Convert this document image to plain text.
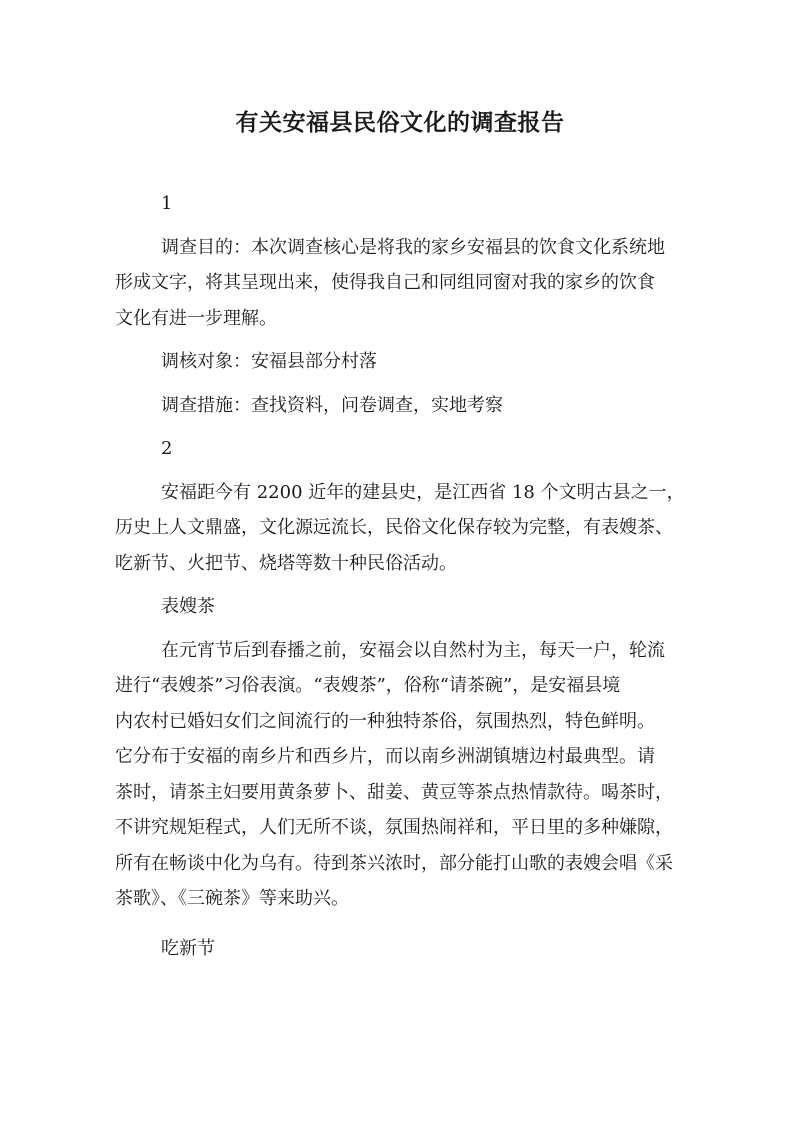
有关安福县民俗文化的调查报告
1
调查目的：本次调查核心是将我的家乡安福县的饮食文化系统地
形成文字，将其呈现出来，使得我自己和同组同窗对我的家乡的饮食
文化有进一步理解。
调核对象：安福县部分村落
调查措施：查找资料，问卷调查，实地考察
2
安福距今有 2200 近年的建县史，是江西省 18 个文明古县之一，
历史上人文鼎盛，文化源远流长，民俗文化保存较为完整，有表嫂茶、
吃新节、火把节、烧塔等数十种民俗活动。
表嫂茶
在元宵节后到春播之前，安福会以自然村为主，每天一户，轮流
进行“表嫂茶”习俗表演。“表嫂茶”，俗称“请茶碗”，是安福县境
内农村已婚妇女们之间流行的一种独特茶俗，氛围热烈，特色鲜明。
它分布于安福的南乡片和西乡片，而以南乡洲湖镇塘边村最典型。请
茶时，请茶主妇要用黄条萝卜、甜姜、黄豆等茶点热情款待。喝茶时，
不讲究规矩程式，人们无所不谈，氛围热闹祥和，平日里的多种嫌隙，
所有在畅谈中化为乌有。待到茶兴浓时，部分能打山歌的表嫂会唱《采
茶歌》、《三碗茶》等来助兴。
吃新节
